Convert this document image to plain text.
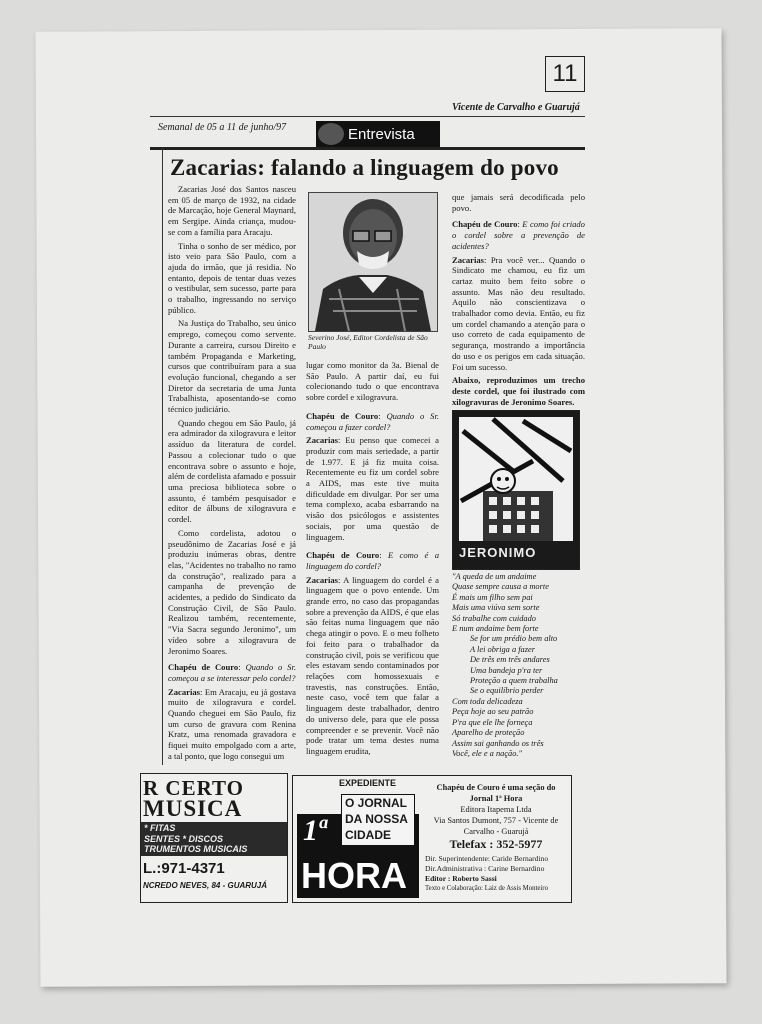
11
Vicente de Carvalho e Guarujá
Semanal de 05 a 11 de junho/97	Entrevista
Zacarias: falando a linguagem do povo

Zacarias José dos Santos nasceu em 05 de março de 1932, na cidade de Marcação, hoje General Maynard, em Sergipe. Ainda criança, mudou-se com a família para Aracaju.

Tinha o sonho de ser médico, por isto veio para São Paulo, com a ajuda do irmão, que já residia. No entanto, depois de tentar duas vezes o vestibular, sem sucesso, parte para o trabalho, ingressando no serviço público.

Na Justiça do Trabalho, seu único emprego, começou como servente. Durante a carreira, cursou Direito e também Propaganda e Marketing, cursos que contribuíram para a sua evolução funcional, chegando a ser Diretor da secretaria de uma Junta Trabalhista, aposentando-se como técnico judiciário.

Quando chegou em São Paulo, já era admirador da xilogravura e leitor assíduo da literatura de cordel. Passou a colecionar tudo o que encontrava sobre o assunto e hoje, além de cordelista afamado e possuir uma preciosa biblioteca sobre o assunto, é também pesquisador e editor de álbuns de xilogravura e cordel.

Como cordelista, adotou o pseudônimo de Zacarias José e já produziu inúmeras obras, dentre elas, "Acidentes no trabalho no ramo da construção", realizado para a campanha de prevenção de acidentes, a pedido do Sindicato da Construção Civil, de São Paulo. Realizou também, recentemente, "Via Sacra segundo Jeronimo", um vídeo sobre a xilogravura de Jeronimo Soares.

Chapéu de Couro: Quando o Sr. começou a se interessar pelo cordel?

Zacarias: Em Aracaju, eu já gostava muito de xilogravura e cordel. Quando cheguei em São Paulo, fiz um curso de gravura com Renina Kratz, uma renomada gravadora e fiquei muito empolgado com a arte, a tal ponto, que logo consegui um

Severino José, Editor Cordelista de São Paulo

lugar como monitor da 3a. Bienal de São Paulo. A partir daí, eu fui colecionando tudo o que encontrava sobre cordel e xilogravura.

Chapéu de Couro: Quando o Sr. começou a fazer cordel?

Zacarias: Eu penso que comecei a produzir com mais seriedade, a partir de 1.977. E já fiz muita coisa. Recentemente eu fiz um cordel sobre a AIDS, mas este tive muita dificuldade em divulgar. Por ser uma tema complexo, acaba esbarrando na visão dos psicólogos e assistentes sociais, por uma questão de linguagem.

Chapéu de Couro: E como é a linguagem do cordel?

Zacarias: A linguagem do cordel é a linguagem que o povo entende. Um grande erro, no caso das propagandas sobre a prevenção da AIDS, é que elas são feitas numa linguagem que não chega atingir o povo. E o meu folheto foi feito para o trabalhador da construção civil, pois se verificou que eles estavam sendo contaminados por relações com homossexuais e travestis, nas construções. Então, neste caso, você tem que falar a linguagem deste trabalhador, dentro do universo dele, para que ele possa compreender e se prevenir. Você não pode tratar um tema destes numa linguagem erudita,

que jamais será decodificada pelo povo.

Chapéu de Couro: E como foi criado o cordel sobre a prevenção de acidentes?

Zacarias: Pra você ver... Quando o Sindicato me chamou, eu fiz um cartaz muito bem feito sobre o assunto. Mas não deu resultado. Aquilo não conscientizava o trabalhador como devia. Então, eu fiz um cordel chamando a atenção para o uso correto de cada equipamento de segurança, mostrando a importância do uso e os perigos em cada situação. Foi um sucesso.

Abaixo, reproduzimos um trecho deste cordel, que foi ilustrado com xilogravuras de Jeronimo Soares.

JERONIMO
"A queda de um andaime
Quase sempre causa a morte
É mais um filho sem pai
Mais uma viúva sem sorte
Só trabalhe com cuidado
E num andaime bem forte
Se for um prédio bem alto
A lei obriga a fazer
De três em três andares
Uma bandeja p'ra ter
Proteção a quem trabalha
Se o equilíbrio perder
Com toda delicadeza
Peça hoje ao seu patrão
P'ra que ele lhe forneça
Aparelho de proteção
Assim sai ganhando os três
Você, ele e a nação."
R CERTO
MUSICA
* FITAS
SENTES * DISCOS
TRUMENTOS MUSICAIS
L.:971-4371
NCREDO NEVES, 84 - GUARUJÁ
EXPEDIENTE
1ª
HORA
O JORNAL
DA NOSSA
CIDADE
Chapéu de Couro é uma seção do Jornal 1ª Hora
Editora Itapema Ltda
Via Santos Dumont, 757 - Vicente de Carvalho - Guarujá
Telefax : 352-5977
Dir. Superintendente: Caride Bernardino
Dir.Administrativa : Carine Bernardino
Editor : Roberto Sassi
Texto e Colaboração: Laiz de Assis Monteiro
